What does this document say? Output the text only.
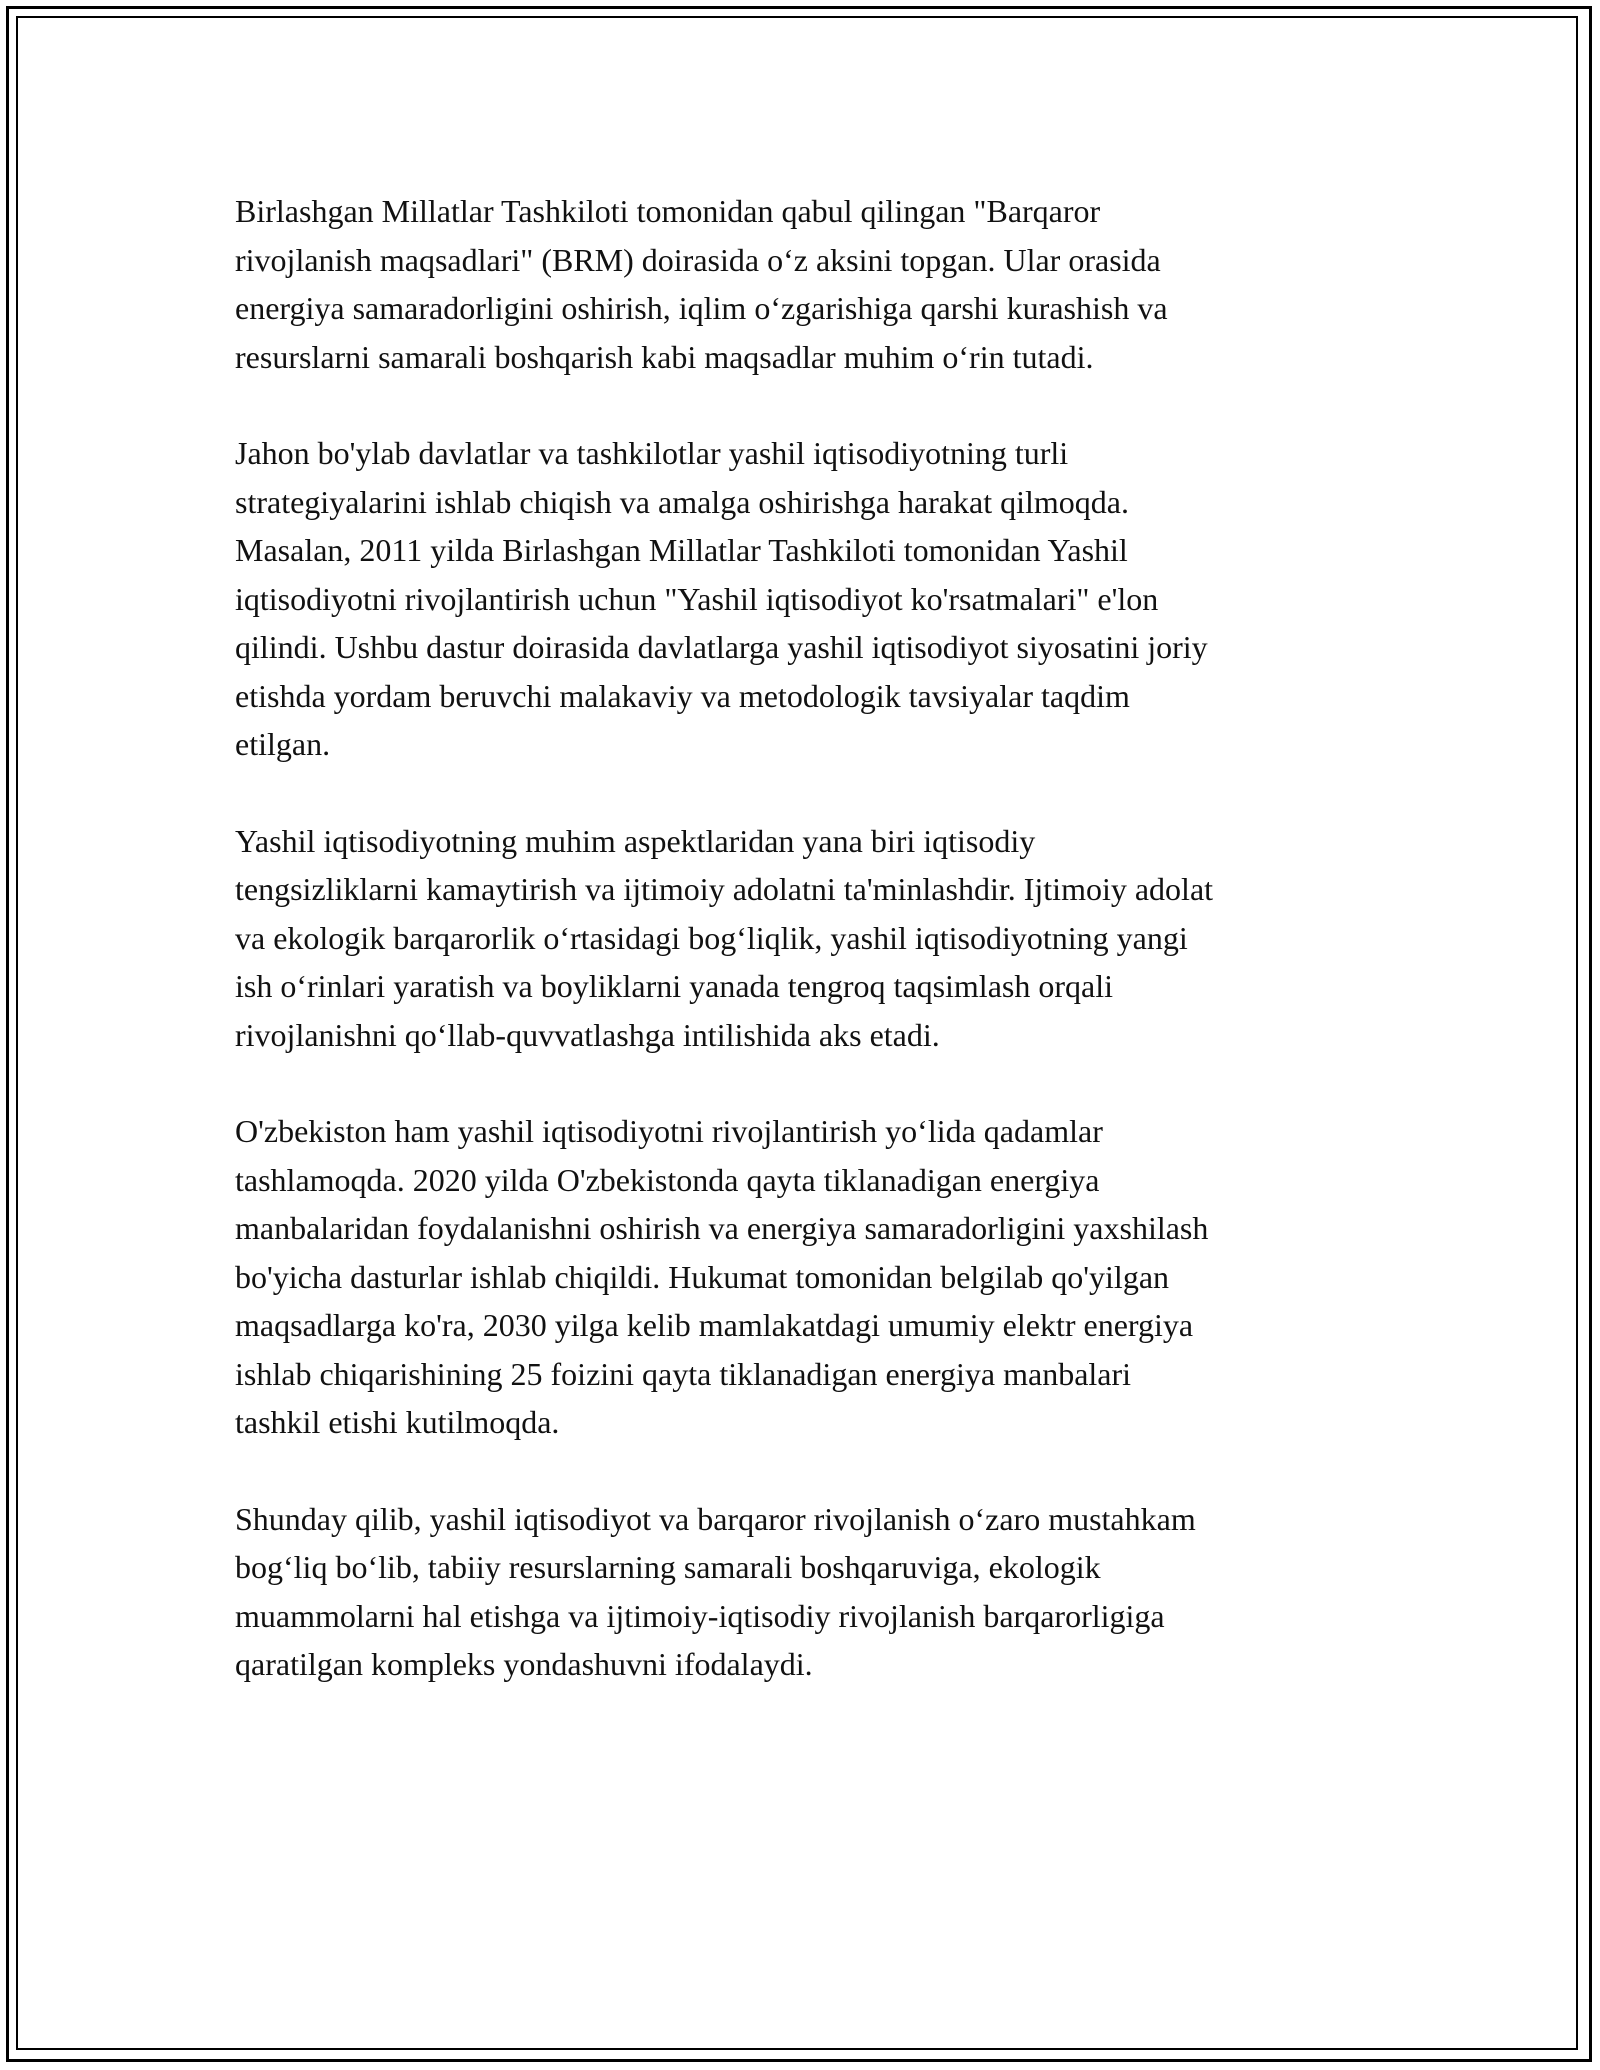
Birlashgan Millatlar Tashkiloti tomonidan qabul qilingan "Barqaror
rivojlanish maqsadlari" (BRM) doirasida o‘z aksini topgan. Ular orasida
energiya samaradorligini oshirish, iqlim o‘zgarishiga qarshi kurashish va
resurslarni samarali boshqarish kabi maqsadlar muhim o‘rin tutadi.

Jahon bo'ylab davlatlar va tashkilotlar yashil iqtisodiyotning turli
strategiyalarini ishlab chiqish va amalga oshirishga harakat qilmoqda.
Masalan, 2011 yilda Birlashgan Millatlar Tashkiloti tomonidan Yashil
iqtisodiyotni rivojlantirish uchun "Yashil iqtisodiyot ko'rsatmalari" e'lon
qilindi. Ushbu dastur doirasida davlatlarga yashil iqtisodiyot siyosatini joriy
etishda yordam beruvchi malakaviy va metodologik tavsiyalar taqdim
etilgan.

Yashil iqtisodiyotning muhim aspektlaridan yana biri iqtisodiy
tengsizliklarni kamaytirish va ijtimoiy adolatni ta'minlashdir. Ijtimoiy adolat
va ekologik barqarorlik o‘rtasidagi bog‘liqlik, yashil iqtisodiyotning yangi
ish o‘rinlari yaratish va boyliklarni yanada tengroq taqsimlash orqali
rivojlanishni qo‘llab-quvvatlashga intilishida aks etadi.

O'zbekiston ham yashil iqtisodiyotni rivojlantirish yo‘lida qadamlar
tashlamoqda. 2020 yilda O'zbekistonda qayta tiklanadigan energiya
manbalaridan foydalanishni oshirish va energiya samaradorligini yaxshilash
bo'yicha dasturlar ishlab chiqildi. Hukumat tomonidan belgilab qo'yilgan
maqsadlarga ko'ra, 2030 yilga kelib mamlakatdagi umumiy elektr energiya
ishlab chiqarishining 25 foizini qayta tiklanadigan energiya manbalari
tashkil etishi kutilmoqda.

Shunday qilib, yashil iqtisodiyot va barqaror rivojlanish o‘zaro mustahkam
bog‘liq bo‘lib, tabiiy resurslarning samarali boshqaruviga, ekologik
muammolarni hal etishga va ijtimoiy-iqtisodiy rivojlanish barqarorligiga
qaratilgan kompleks yondashuvni ifodalaydi.
